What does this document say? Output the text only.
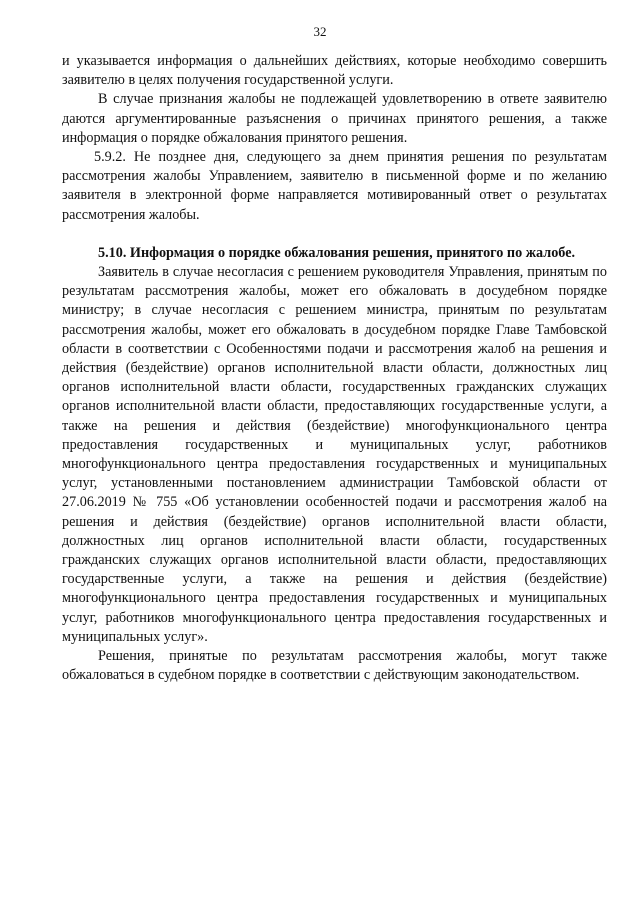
32

и указывается информация о дальнейших действиях, которые необходимо совершить заявителю в целях получения государственной услуги.

В случае признания жалобы не подлежащей удовлетворению в ответе заявителю даются аргументированные разъяснения о причинах принятого решения, а также информация о порядке обжалования принятого решения.

5.9.2. Не позднее дня, следующего за днем принятия решения по результатам рассмотрения жалобы Управлением, заявителю в письменной форме и по желанию заявителя в электронной форме направляется мотивированный ответ о результатах рассмотрения жалобы.

5.10. Информация о порядке обжалования решения, принятого по жалобе.

Заявитель в случае несогласия с решением руководителя Управления, принятым по результатам рассмотрения жалобы, может его обжаловать в досудебном порядке министру; в случае несогласия с решением министра, принятым по результатам рассмотрения жалобы, может его обжаловать в досудебном порядке Главе Тамбовской области в соответствии с Особенностями подачи и рассмотрения жалоб на решения и действия (бездействие) органов исполнительной власти области, должностных лиц органов исполнительной власти области, государственных гражданских служащих органов исполнительной власти области, предоставляющих государственные услуги, а также на решения и действия (бездействие) многофункционального центра предоставления государственных и муниципальных услуг, работников многофункционального центра предоставления государственных и муниципальных услуг, установленными постановлением администрации Тамбовской области от 27.06.2019 № 755 «Об установлении особенностей подачи и рассмотрения жалоб на решения и действия (бездействие) органов исполнительной власти области, должностных лиц органов исполнительной власти области, государственных гражданских служащих органов исполнительной власти области, предоставляющих государственные услуги, а также на решения и действия (бездействие) многофункционального центра предоставления государственных и муниципальных услуг, работников многофункционального центра предоставления государственных и муниципальных услуг».

Решения, принятые по результатам рассмотрения жалобы, могут также обжаловаться в судебном порядке в соответствии с действующим законодательством.
